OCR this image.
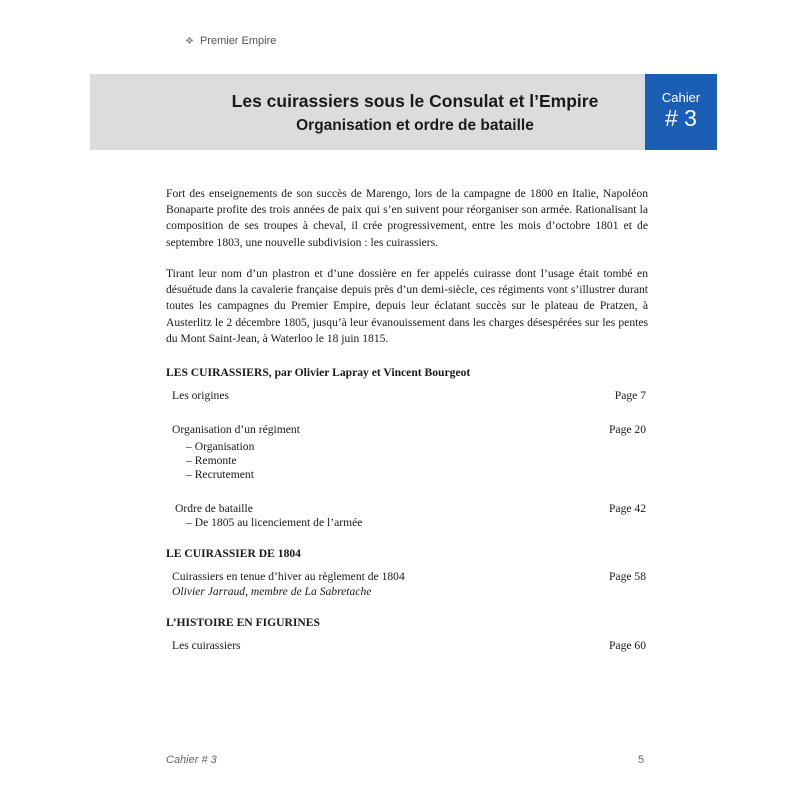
❖ Premier Empire
Les cuirassiers sous le Consulat et l’Empire
Organisation et ordre de bataille
Cahier
# 3

Fort des enseignements de son succès de Marengo, lors de la campagne de 1800 en Italie, Napoléon Bonaparte profite des trois années de paix qui s’en suivent pour réorganiser son armée. Rationalisant la composition de ses troupes à cheval, il crée progressivement, entre les mois d’octobre 1801 et de septembre 1803, une nouvelle subdivision : les cuirassiers.

Tirant leur nom d’un plastron et d’une dossière en fer appelés cuirasse dont l’usage était tombé en désuétude dans la cavalerie française depuis près d’un demi-siècle, ces régiments vont s’illustrer durant toutes les campagnes du Premier Empire, depuis leur éclatant succès sur le plateau de Pratzen, à Austerlitz le 2 décembre 1805, jusqu’à leur évanouissement dans les charges désespérées sur les pentes du Mont Saint-Jean, à Waterloo le 18 juin 1815.

LES CUIRASSIERS, par Olivier Lapray et Vincent Bourgeot
Les origines	Page 7
Organisation d’un régiment	Page 20
– Organisation
– Remonte
– Recrutement
Ordre de bataille	Page 42
– De 1805 au licenciement de l’armée
LE CUIRASSIER DE 1804
Cuirassiers en tenue d’hiver au règlement de 1804	Page 58
Olivier Jarraud, membre de La Sabretache
L’HISTOIRE EN FIGURINES
Les cuirassiers	Page 60
Cahier # 3	5
